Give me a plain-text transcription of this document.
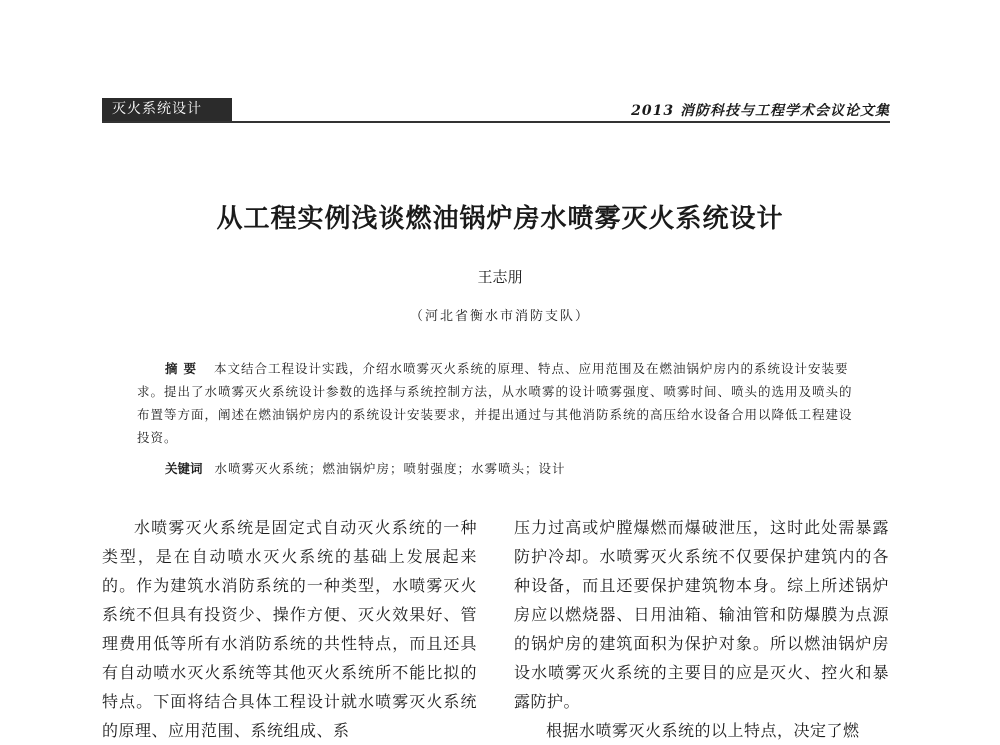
灭火系统设计	2013 消防科技与工程学术会议论文集
从工程实例浅谈燃油锅炉房水喷雾灭火系统设计
王志朋
（河北省衡水市消防支队）

摘要 本文结合工程设计实践，介绍水喷雾灭火系统的原理、特点、应用范围及在燃油锅炉房内的系统设计安装要求。提出了水喷雾灭火系统设计参数的选择与系统控制方法，从水喷雾的设计喷雾强度、喷雾时间、喷头的选用及喷头的布置等方面，阐述在燃油锅炉房内的系统设计安装要求，并提出通过与其他消防系统的高压给水设备合用以降低工程建设投资。

关键词 水喷雾灭火系统；燃油锅炉房；喷射强度；水雾喷头；设计

水喷雾灭火系统是固定式自动灭火系统的一种类型，是在自动喷水灭火系统的基础上发展起来的。作为建筑水消防系统的一种类型，水喷雾灭火系统不但具有投资少、操作方便、灭火效果好、管理费用低等所有水消防系统的共性特点，而且还具有自动喷水灭火系统等其他灭火系统所不能比拟的特点。下面将结合具体工程设计就水喷雾灭火系统的原理、应用范围、系统组成、系

压力过高或炉膛爆燃而爆破泄压，这时此处需暴露防护冷却。水喷雾灭火系统不仅要保护建筑内的各种设备，而且还要保护建筑物本身。综上所述锅炉房应以燃烧器、日用油箱、输油管和防爆膜为点源的锅炉房的建筑面积为保护对象。所以燃油锅炉房设水喷雾灭火系统的主要目的应是灭火、控火和暴露防护。

根据水喷雾灭火系统的以上特点，决定了燃
